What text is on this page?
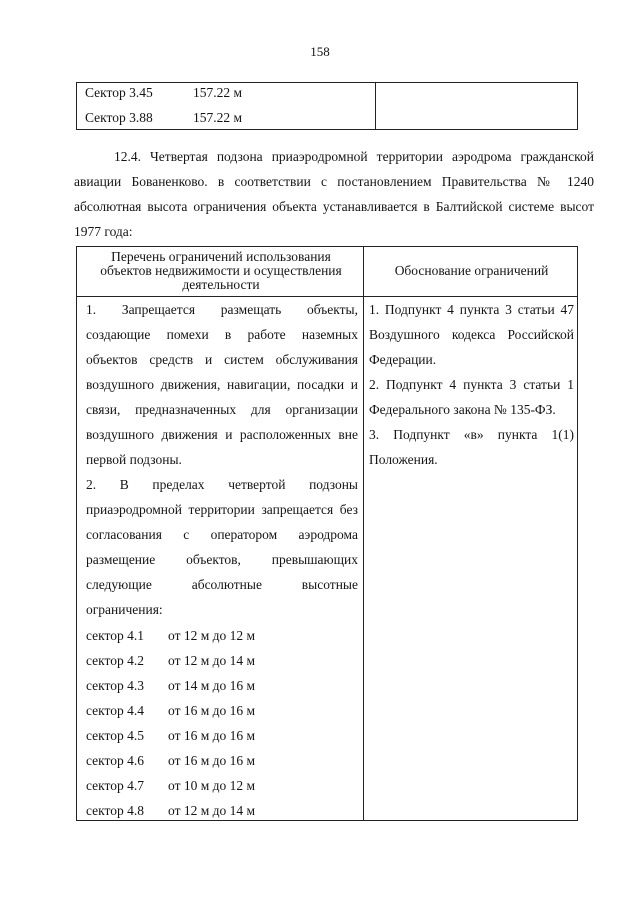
158
Сектор 3.45	157.22 м
Сектор 3.88	157.22 м
12.4. Четвертая подзона приаэродромной территории аэродрома гражданской авиации Бованенково. в соответствии с постановлением Правительства № 1240 абсолютная высота ограничения объекта устанавливается в Балтийской системе высот 1977 года:
Перечень ограничений использования объектов недвижимости и осуществления деятельности
Обоснование ограничений

1. Запрещается размещать объекты, создающие помехи в работе наземных объектов средств и систем обслуживания воздушного движения, навигации, посадки и связи, предназначенных для организации воздушного движения и расположенных вне первой подзоны.

2. В пределах четвертой подзоны приаэродромной территории запрещается без согласования с оператором аэродрома размещение объектов, превышающих следующие абсолютные высотные ограничения:

сектор 4.1 от 12 м до 12 м
сектор 4.2 от 12 м до 14 м
сектор 4.3 от 14 м до 16 м
сектор 4.4 от 16 м до 16 м
сектор 4.5 от 16 м до 16 м
сектор 4.6 от 16 м до 16 м
сектор 4.7 от 10 м до 12 м
сектор 4.8 от 12 м до 14 м

1. Подпункт 4 пункта 3 статьи 47 Воздушного кодекса Российской Федерации.

2. Подпункт 4 пункта 3 статьи 1 Федерального закона № 135-ФЗ.

3. Подпункт «в» пункта 1(1) Положения.
